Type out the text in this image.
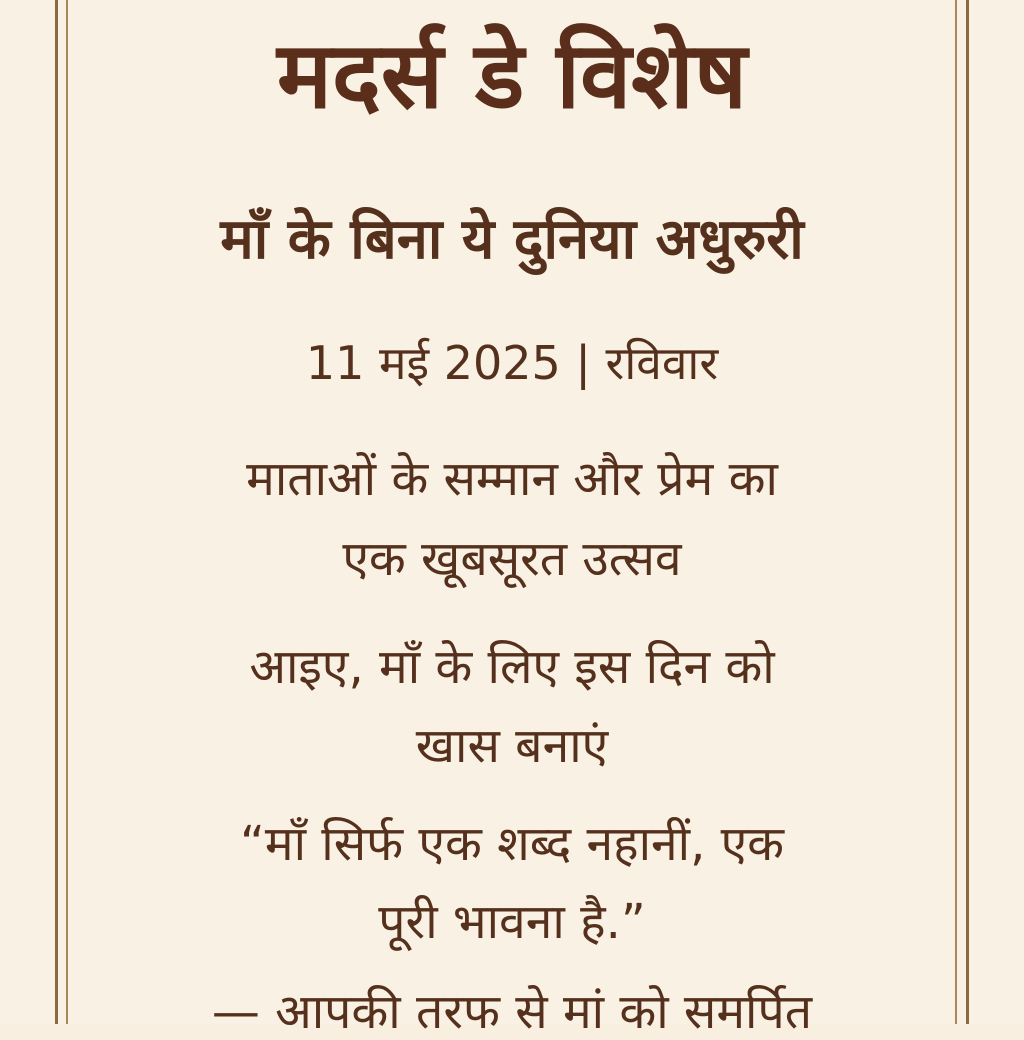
मदर्स डे विशेष
माँ के बिना ये दुनिया अधुरुरी
11 मई 2025 | रविवार
माताओं के सम्मान और प्रेम का
एक खूबसूरत उत्सव
आइए, माँ के लिए इस दिन को
खास बनाएं
“माँ सिर्फ एक शब्द नहानीं, एक
पूरी भावना है.”
— आपकी तरफ से मां को समर्पित
